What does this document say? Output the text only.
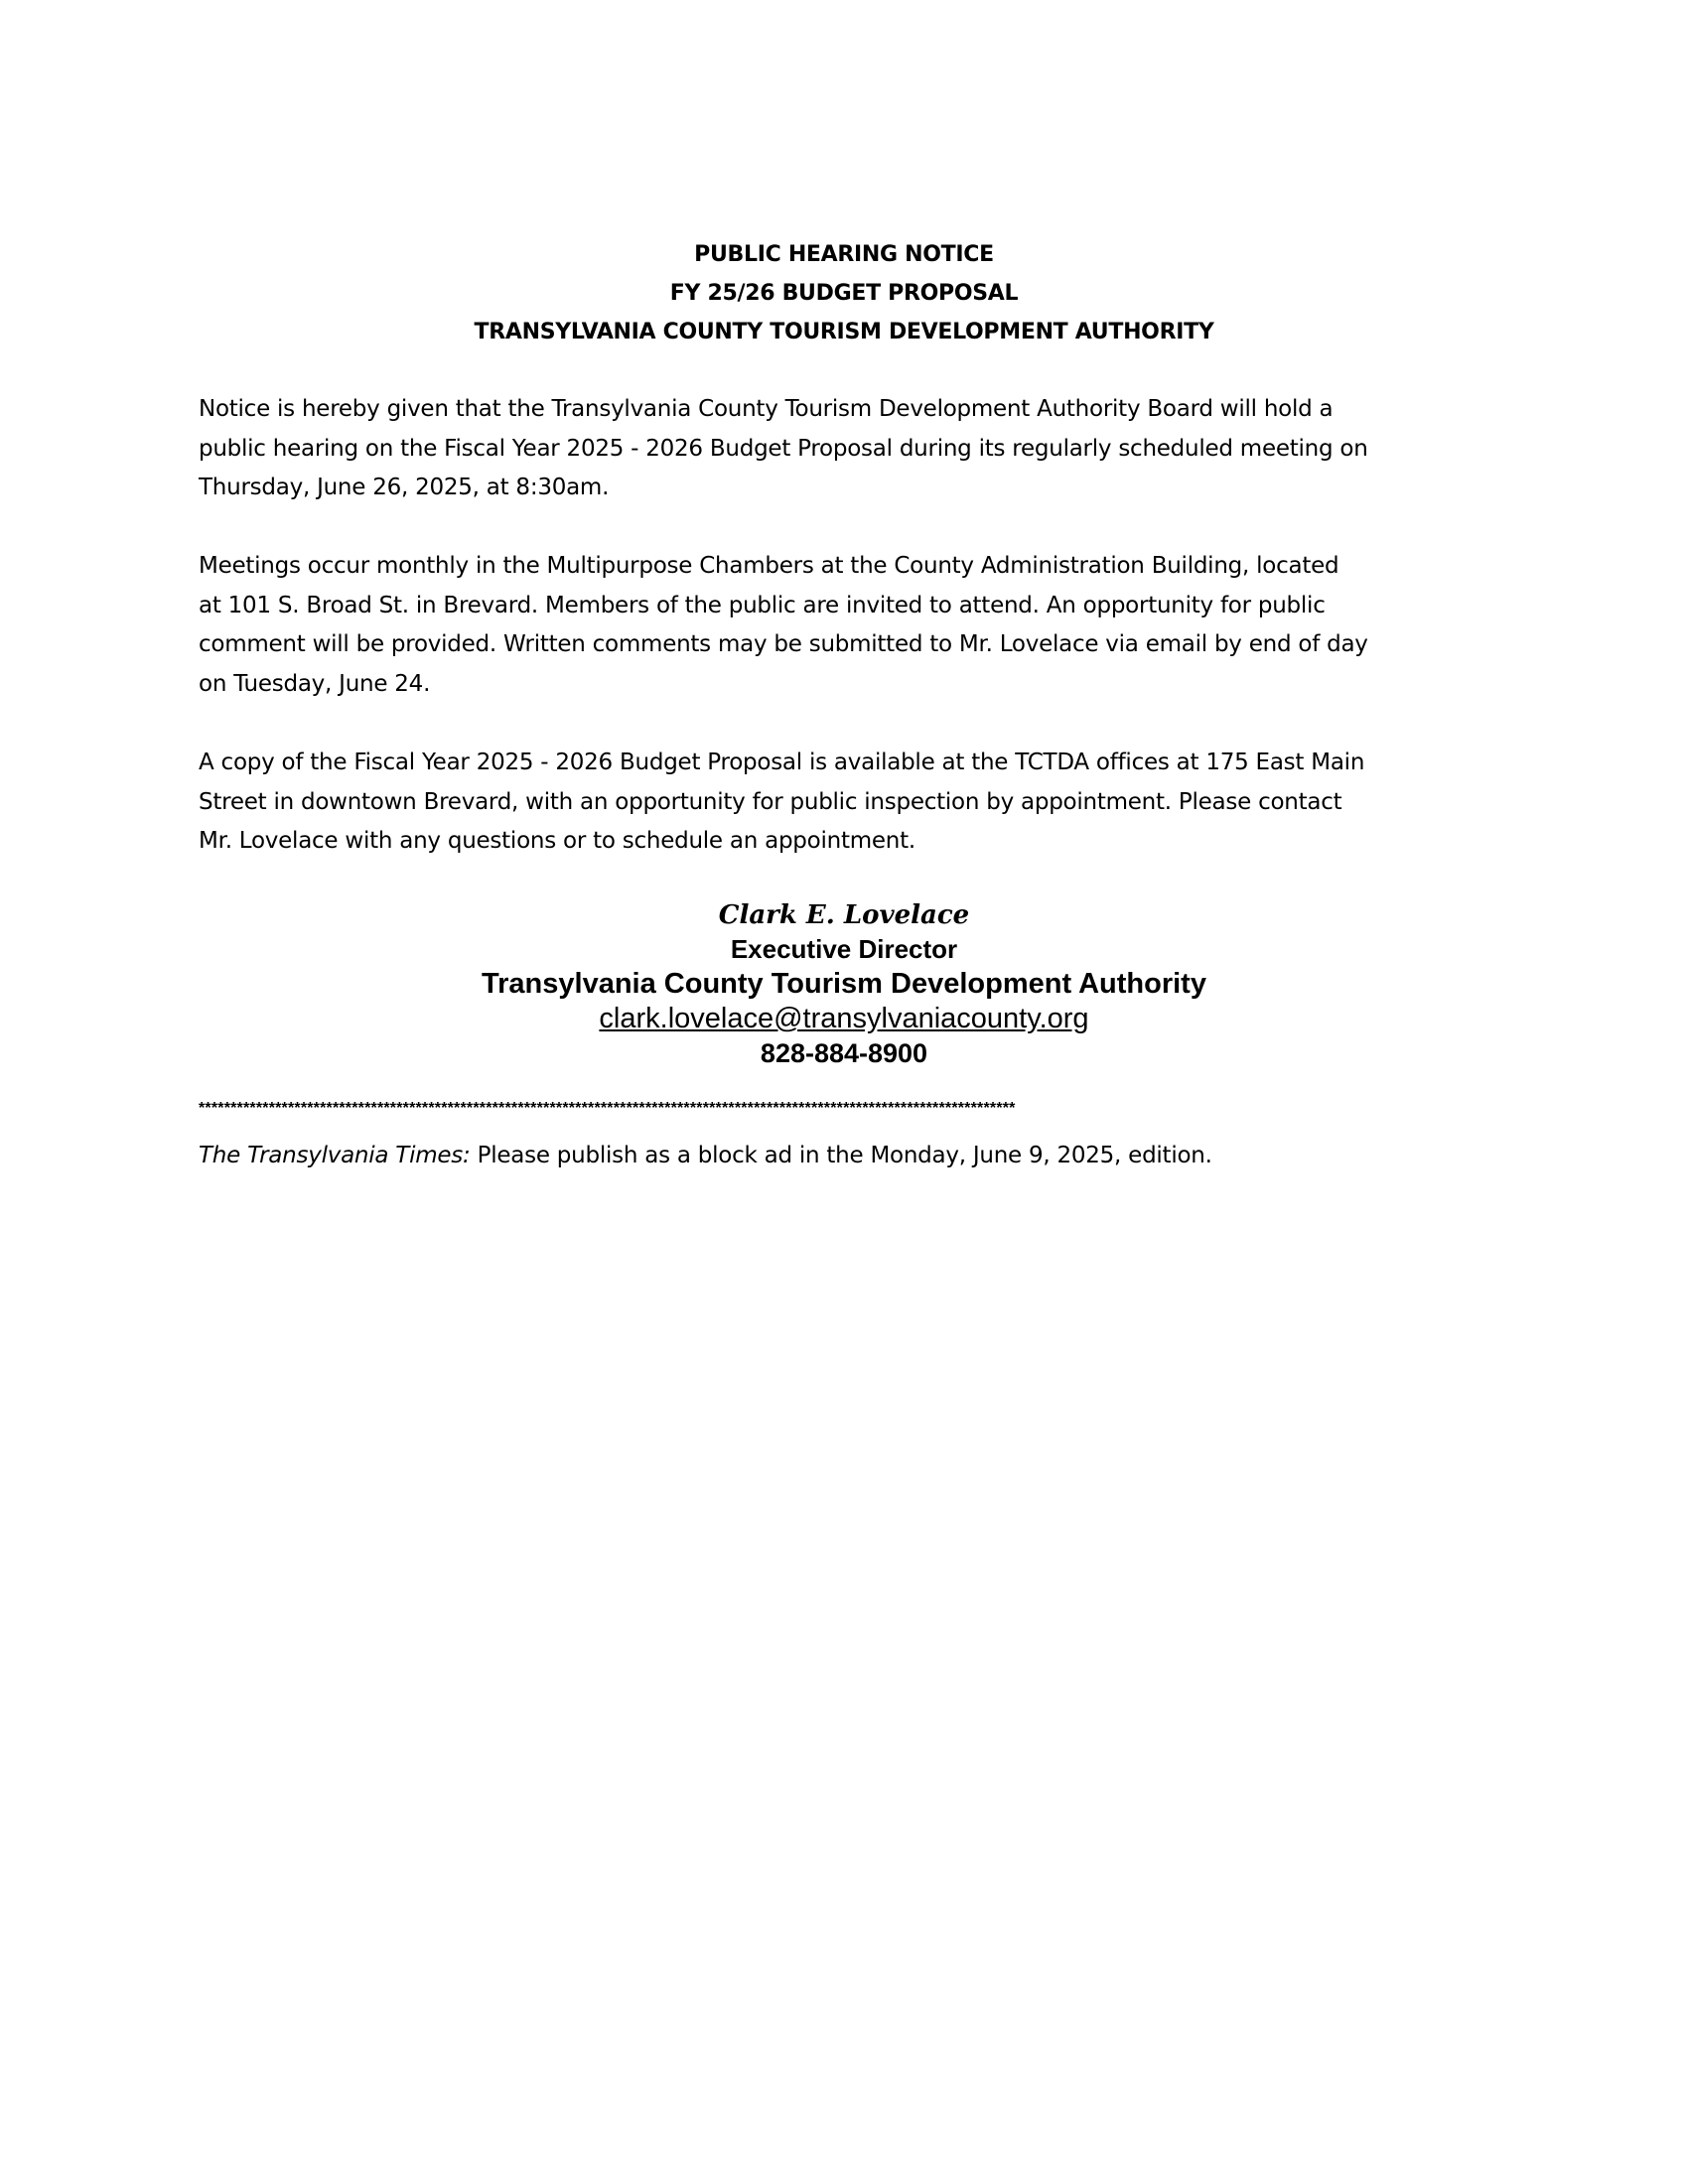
PUBLIC HEARING NOTICE
FY 25/26 BUDGET PROPOSAL
TRANSYLVANIA COUNTY TOURISM DEVELOPMENT AUTHORITY
Notice is hereby given that the Transylvania County Tourism Development Authority Board will hold a
public hearing on the Fiscal Year 2025 - 2026 Budget Proposal during its regularly scheduled meeting on
Thursday, June 26, 2025, at 8:30am.
Meetings occur monthly in the Multipurpose Chambers at the County Administration Building, located
at 101 S. Broad St. in Brevard. Members of the public are invited to attend. An opportunity for public
comment will be provided. Written comments may be submitted to Mr. Lovelace via email by end of day
on Tuesday, June 24.
A copy of the Fiscal Year 2025 - 2026 Budget Proposal is available at the TCTDA offices at 175 East Main
Street in downtown Brevard, with an opportunity for public inspection by appointment. Please contact
Mr. Lovelace with any questions or to schedule an appointment.
Clark E. Lovelace
Executive Director
Transylvania County Tourism Development Authority
clark.lovelace@transylvaniacounty.org
828-884-8900
********************************************************************************************************************************
The Transylvania Times: Please publish as a block ad in the Monday, June 9, 2025, edition.
